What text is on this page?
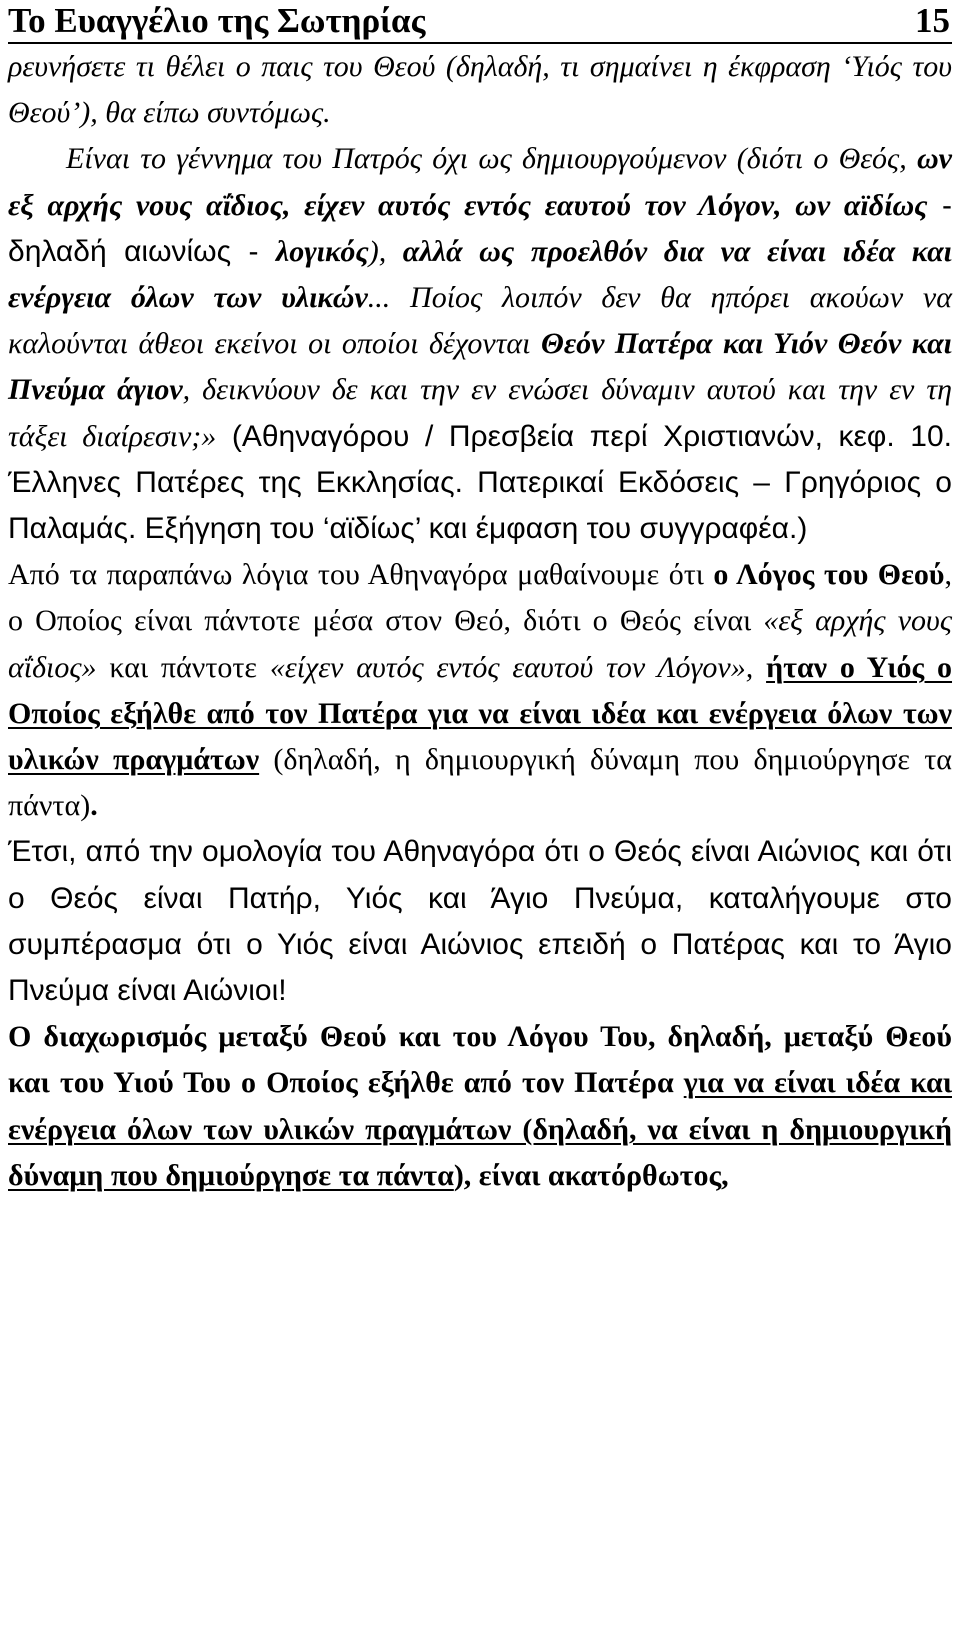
Το Ευαγγέλιο της Σωτηρίας	15

ρευνήσετε τι θέλει ο παις του Θεού (δηλαδή, τι σημαίνει η έκφραση ‘Υιός του Θεού’), θα είπω συντόμως.

Είναι το γέννημα του Πατρός όχι ως δημιουργούμενον (διότι ο Θεός, ων εξ αρχής νους αΐδιος, είχεν αυτός εντός εαυτού τον Λόγον, ων αϊδίως - δηλαδή αιωνίως - λογικός), αλλά ως προελθόν δια να είναι ιδέα και ενέργεια όλων των υλικών... Ποίος λοιπόν δεν θα ηπόρει ακούων να καλούνται άθεοι εκείνοι οι οποίοι δέχονται Θεόν Πατέρα και Υιόν Θεόν και Πνεύμα άγιον, δεικνύουν δε και την εν ενώσει δύναμιν αυτού και την εν τη τάξει διαίρεσιν;» (Αθηναγόρου / Πρεσβεία περί Χριστιανών, κεφ. 10. Έλληνες Πατέρες της Εκκλησίας. Πατερικαί Εκδόσεις – Γρηγόριος ο Παλαμάς. Εξήγηση του ‘αϊδίως’ και έμφαση του συγγραφέα.)

Από τα παραπάνω λόγια του Αθηναγόρα μαθαίνουμε ότι ο Λόγος του Θεού, ο Οποίος είναι πάντοτε μέσα στον Θεό, διότι ο Θεός είναι «εξ αρχής νους αΐδιος» και πάντοτε «είχεν αυτός εντός εαυτού τον Λόγον», ήταν ο Υιός ο Οποίος εξήλθε από τον Πατέρα για να είναι ιδέα και ενέργεια όλων των υλικών πραγμάτων (δηλαδή, η δημιουργική δύναμη που δημιούργησε τα πάντα).

Έτσι, από την ομολογία του Αθηναγόρα ότι ο Θεός είναι Αιώνιος και ότι ο Θεός είναι Πατήρ, Υιός και Άγιο Πνεύμα, καταλήγουμε στο συμπέρασμα ότι ο Υιός είναι Αιώνιος επειδή ο Πατέρας και το Άγιο Πνεύμα είναι Αιώνιοι!

Ο διαχωρισμός μεταξύ Θεού και του Λόγου Του, δηλαδή, μεταξύ Θεού και του Υιού Του ο Οποίος εξήλθε από τον Πατέρα για να είναι ιδέα και ενέργεια όλων των υλικών πραγμάτων (δηλαδή, να είναι η δημιουργική δύναμη που δημιούργησε τα πάντα), είναι ακατόρθωτος,
